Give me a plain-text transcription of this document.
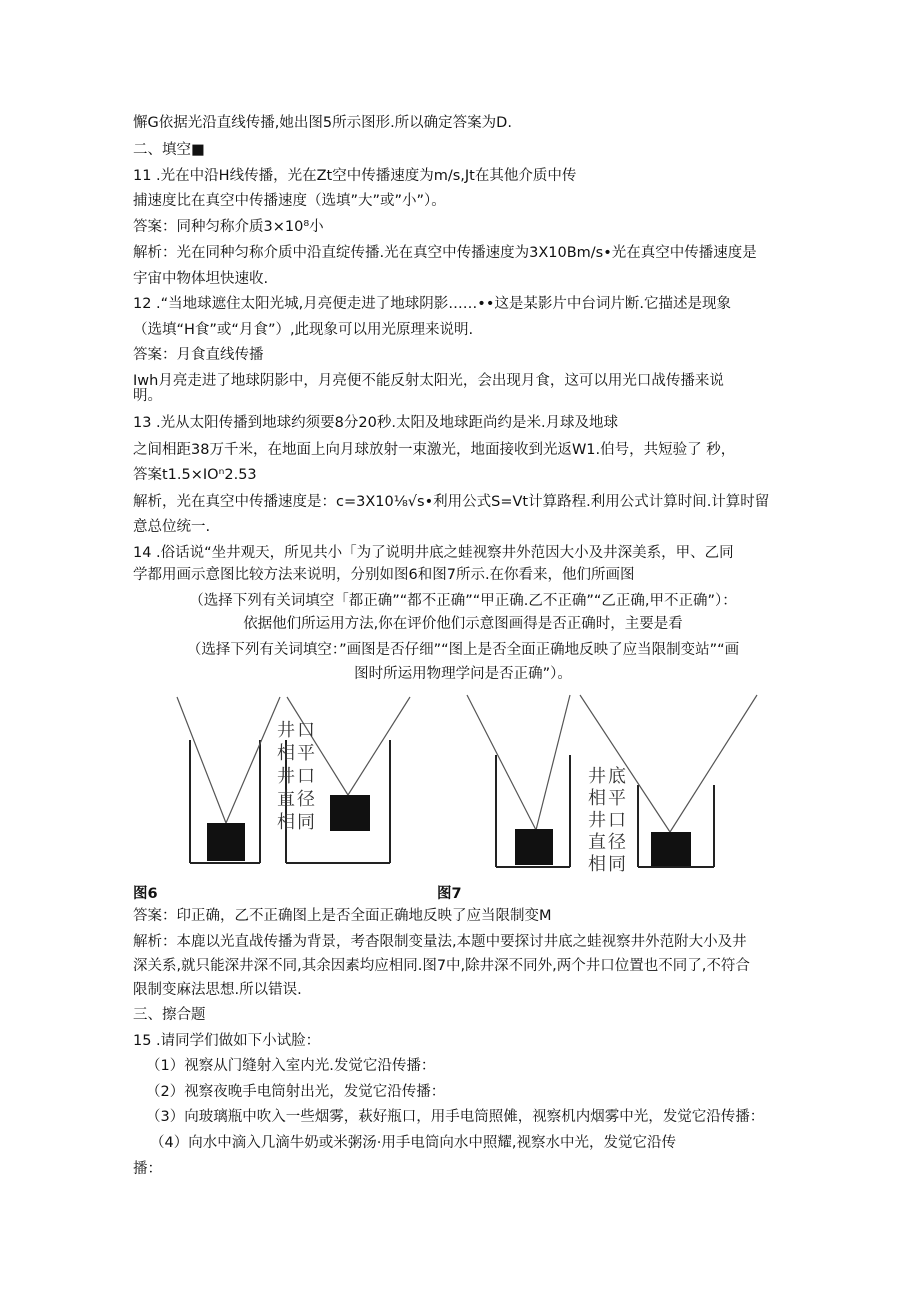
懈G依据光沿直线传播,她出图5所示图形.所以确定答案为D.
二、填空■
11 .光在中沿H线传播，光在Zt空中传播速度为m/s,Jt在其他介质中传
捕速度比在真空中传播速度（选填”大”或”小”）。
答案：同种匀称介质3×10⁸小
解析：光在同种匀称介质中沿直绽传播.光在真空中传播速度为3X10Bm/s•光在真空中传播速度是
宇宙中物体坦快速收.
12 .“当地球遮住太阳光城,月亮便走进了地球阴影……••这是某影片中台词片断.它描述是现象
（选填“H食”或“月食”）,此现象可以用光原理来说明.
答案：月食直线传播
Iwh月亮走进了地球阴影中，月亮便不能反射太阳光，会出现月食，这可以用光口战传播来说
明。
13 .光从太阳传播到地球约须要8分20秒.太阳及地球距尚约是米.月球及地球
之间相距38万千米，在地面上向月球放射一束激光，地面接收到光返W1.伯号，共短验了 秒，
答案t1.5×IOⁿ2.53
解析，光在真空中传播速度是：c=3X10⅛√s•利用公式S=Vt计算路程.利用公式计算时间.计算时留
意总位统一.
14 .俗话说“坐井观天，所见共小「为了说明井底之蛙视察井外范因大小及井深美系，甲、乙同
学都用画示意图比较方法来说明，分别如图6和图7所示.在你看来，他们所画图
（选择下列有关词填空「都正确”“都不正确”“甲正确.乙不正确”“乙正确,甲不正确”）：
依据他们所运用方法,你在评价他们示意图画得是否正确时，主要是看
（选择下列有关词填空：”画图是否仔细”“图上是否全面正确地反映了应当限制变站”“画
图时所运用物理学问是否正确”）。
井 口
相 平
井 口
直 径
相 同
井 底
相 平
井 口
直 径
相 同
图6	图7
答案：印正确，乙不正确图上是否全面正确地反映了应当限制变M
解析：本鹿以光直战传播为背景，考杳限制变量法,本题中要探讨井底之蛙视察井外范附大小及井
深关系,就只能深井深不同,其余因素均应相同.图7中,除井深不同外,两个井口位置也不同了,不符合
限制变麻法思想.所以错误.
三、擦合题
15 .请同学们做如下小试脸：
（1）视察从门缝射入室内光.发觉它沿传播：
（2）视察夜晚手电筒射出光，发觉它沿传播：
（3）向玻璃瓶中吹入一些烟雾，萩好瓶口，用手电筒照傩，视察机内烟雾中光，发觉它沿传播：
（4）向水中滴入几滴牛奶或米粥汤·用手电筒向水中照耀,视察水中光，发觉它沿传
播：
